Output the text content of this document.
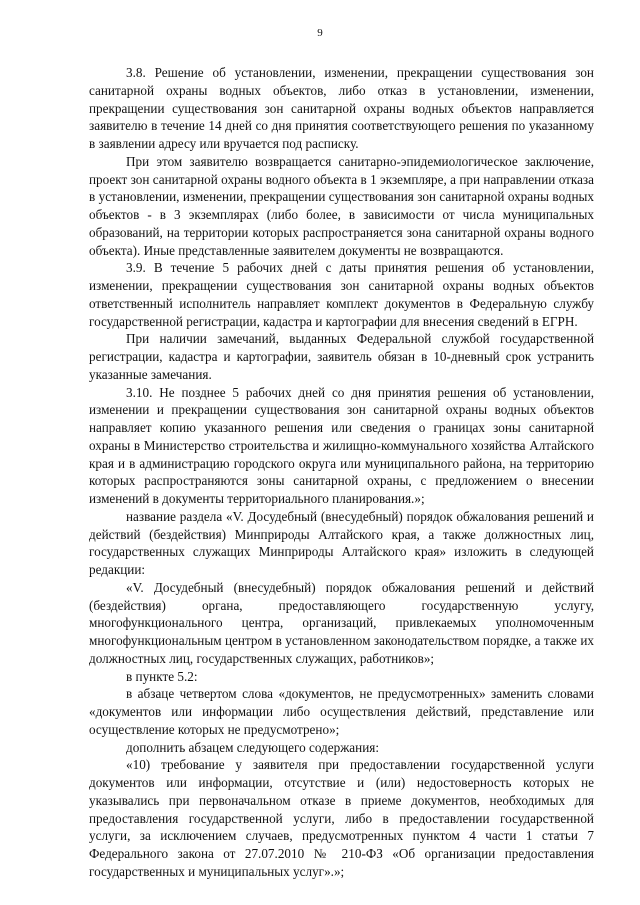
9

3.8. Решение об установлении, изменении, прекращении существования зон санитарной охраны водных объектов, либо отказ в установлении, изменении, прекращении существования зон санитарной охраны водных объектов направляется заявителю в течение 14 дней со дня принятия соответствующего решения по указанному в заявлении адресу или вручается под расписку.

При этом заявителю возвращается санитарно-эпидемиологическое заключение, проект зон санитарной охраны водного объекта в 1 экземпляре, а при направлении отказа в установлении, изменении, прекращении существования зон санитарной охраны водных объектов - в 3 экземплярах (либо более, в зависимости от числа муниципальных образований, на территории которых распространяется зона санитарной охраны водного объекта). Иные представленные заявителем документы не возвращаются.

3.9. В течение 5 рабочих дней с даты принятия решения об установлении, изменении, прекращении существования зон санитарной охраны водных объектов ответственный исполнитель направляет комплект документов в Федеральную службу государственной регистрации, кадастра и картографии для внесения сведений в ЕГРН.

При наличии замечаний, выданных Федеральной службой государственной регистрации, кадастра и картографии, заявитель обязан в 10-дневный срок устранить указанные замечания.

3.10. Не позднее 5 рабочих дней со дня принятия решения об установлении, изменении и прекращении существования зон санитарной охраны водных объектов направляет копию указанного решения или сведения о границах зоны санитарной охраны в Министерство строительства и жилищно-коммунального хозяйства Алтайского края и в администрацию городского округа или муниципального района, на территорию которых распространяются зоны санитарной охраны, с предложением о внесении изменений в документы территориального планирования.»;

название раздела «V. Досудебный (внесудебный) порядок обжалования решений и действий (бездействия) Минприроды Алтайского края, а также должностных лиц, государственных служащих Минприроды Алтайского края» изложить в следующей редакции:

«V. Досудебный (внесудебный) порядок обжалования решений и действий (бездействия) органа, предоставляющего государственную услугу, многофункционального центра, организаций, привлекаемых уполномоченным многофункциональным центром в установленном законодательством порядке, а также их должностных лиц, государственных служащих, работников»;

в пункте 5.2:

в абзаце четвертом слова «документов, не предусмотренных» заменить словами «документов или информации либо осуществления действий, представление или осуществление которых не предусмотрено»;

дополнить абзацем следующего содержания:

«10) требование у заявителя при предоставлении государственной услуги документов или информации, отсутствие и (или) недостоверность которых не указывались при первоначальном отказе в приеме документов, необходимых для предоставления государственной услуги, либо в предоставлении государственной услуги, за исключением случаев, предусмотренных пунктом 4 части 1 статьи 7 Федерального закона от 27.07.2010 № 210-ФЗ «Об организации предоставления государственных и муниципальных услуг».»;
